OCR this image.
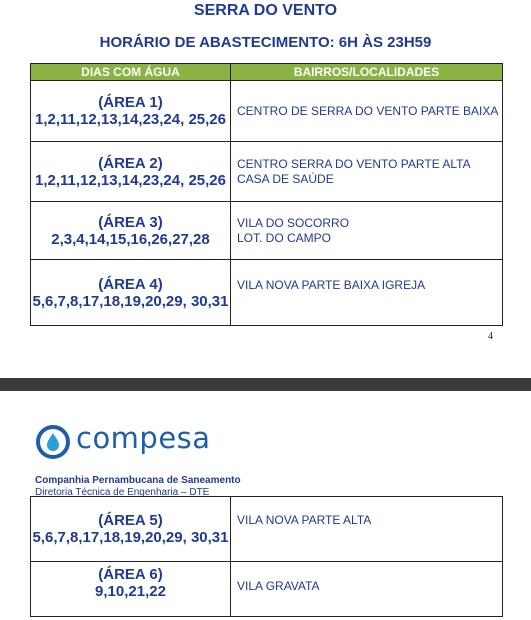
SERRA DO VENTO
HORÁRIO DE ABASTECIMENTO: 6H ÀS 23H59
DIAS COM ÁGUA	BAIRROS/LOCALIDADES

(ÁREA 1)
1,2,11,12,13,14,23,24, 25,26	CENTRO DE SERRA DO VENTO PARTE BAIXA

(ÁREA 2)
1,2,11,12,13,14,23,24, 25,26	CENTRO SERRA DO VENTO PARTE ALTA
CASA DE SAÚDE

(ÁREA 3)
2,3,4,14,15,16,26,27,28	VILA DO SOCORRO
LOT. DO CAMPO

(ÁREA 4)
5,6,7,8,17,18,19,20,29, 30,31	VILA NOVA PARTE BAIXA IGREJA
4
compesa
Companhia Pernambucana de Saneamento
Diretoria Técnica de Engenharia – DTE
(ÁREA 5)
5,6,7,8,17,18,19,20,29, 30,31	VILA NOVA PARTE ALTA

(ÁREA 6)
9,10,21,22	VILA GRAVATA
